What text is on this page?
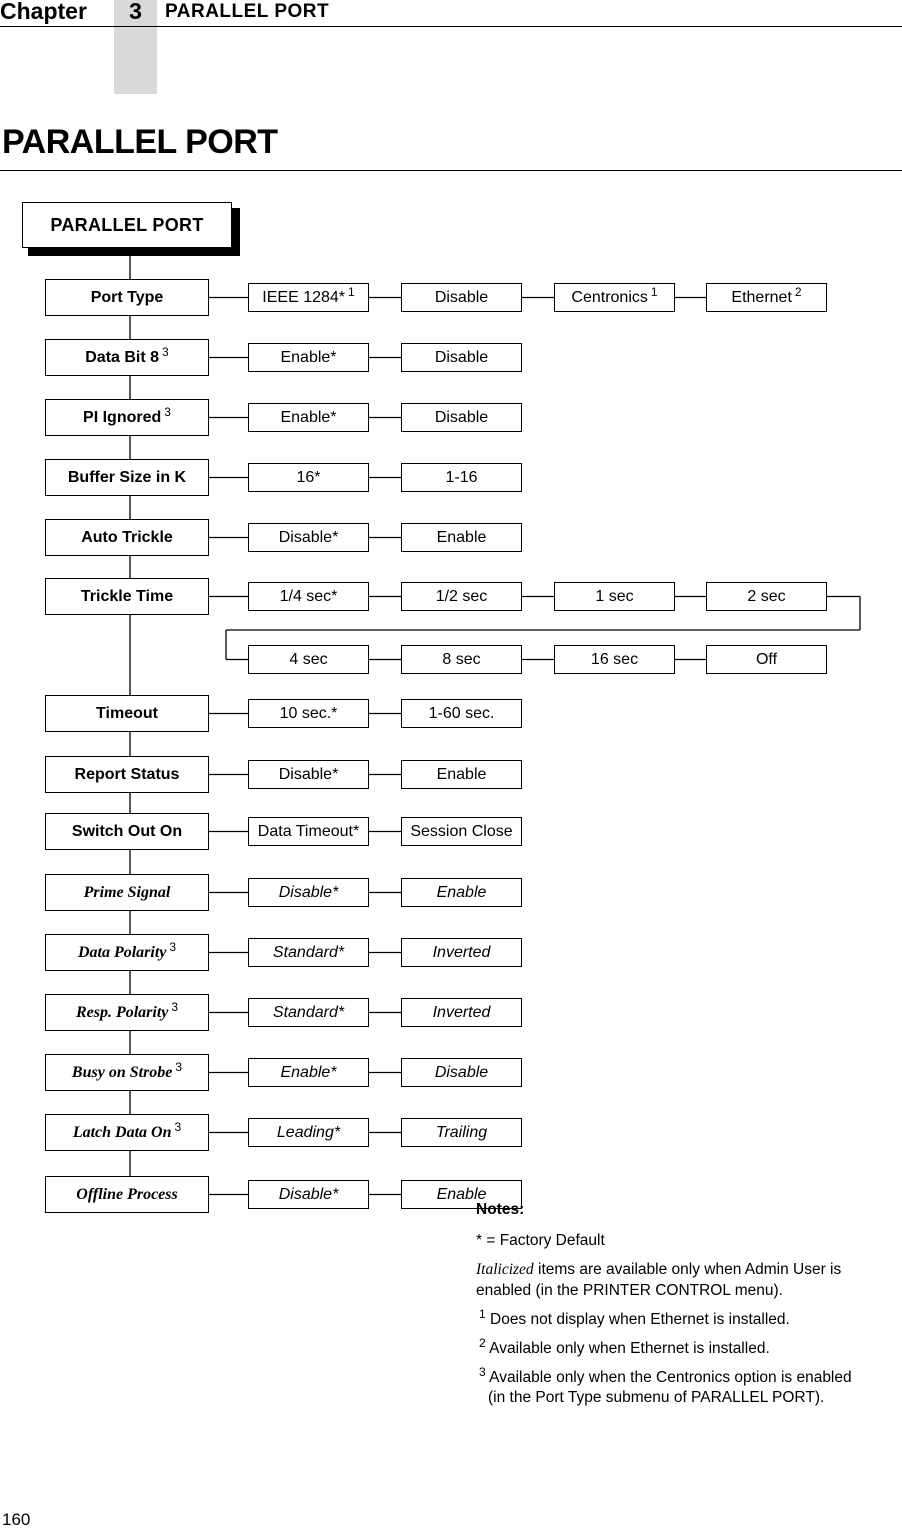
Chapter	3	PARALLEL PORT
PARALLEL PORT
PARALLEL PORT
Port Type	IEEE 1284* $^1$	Disable	Centronics $^1$	Ethernet $^2$
Data Bit 8 $^3$	Enable*	Disable
PI Ignored $^3$	Enable*	Disable
Buffer Size in K	16*	1-16
Auto Trickle	Disable*	Enable
Trickle Time	1/4 sec*	1/2 sec	1 sec	2 sec
4 sec	8 sec	16 sec	Off
Timeout	10 sec.*	1-60 sec.
Report Status	Disable*	Enable
Switch Out On	Data Timeout*	Session Close
Prime Signal	Disable*	Enable
Data Polarity $^3$	Standard*	Inverted
Resp. Polarity $^3$	Standard*	Inverted
Busy on Strobe $^3$	Enable*	Disable
Latch Data On $^3$	Leading*	Trailing
Offline Process	Disable*	Enable

Notes:

* = Factory Default

Italicized items are available only when Admin User is enabled (in the PRINTER CONTROL menu).

$^1$ Does not display when Ethernet is installed.

$^2$ Available only when Ethernet is installed.

$^3$ Available only when the Centronics option is enabled
(in the Port Type submenu of PARALLEL PORT).

160
